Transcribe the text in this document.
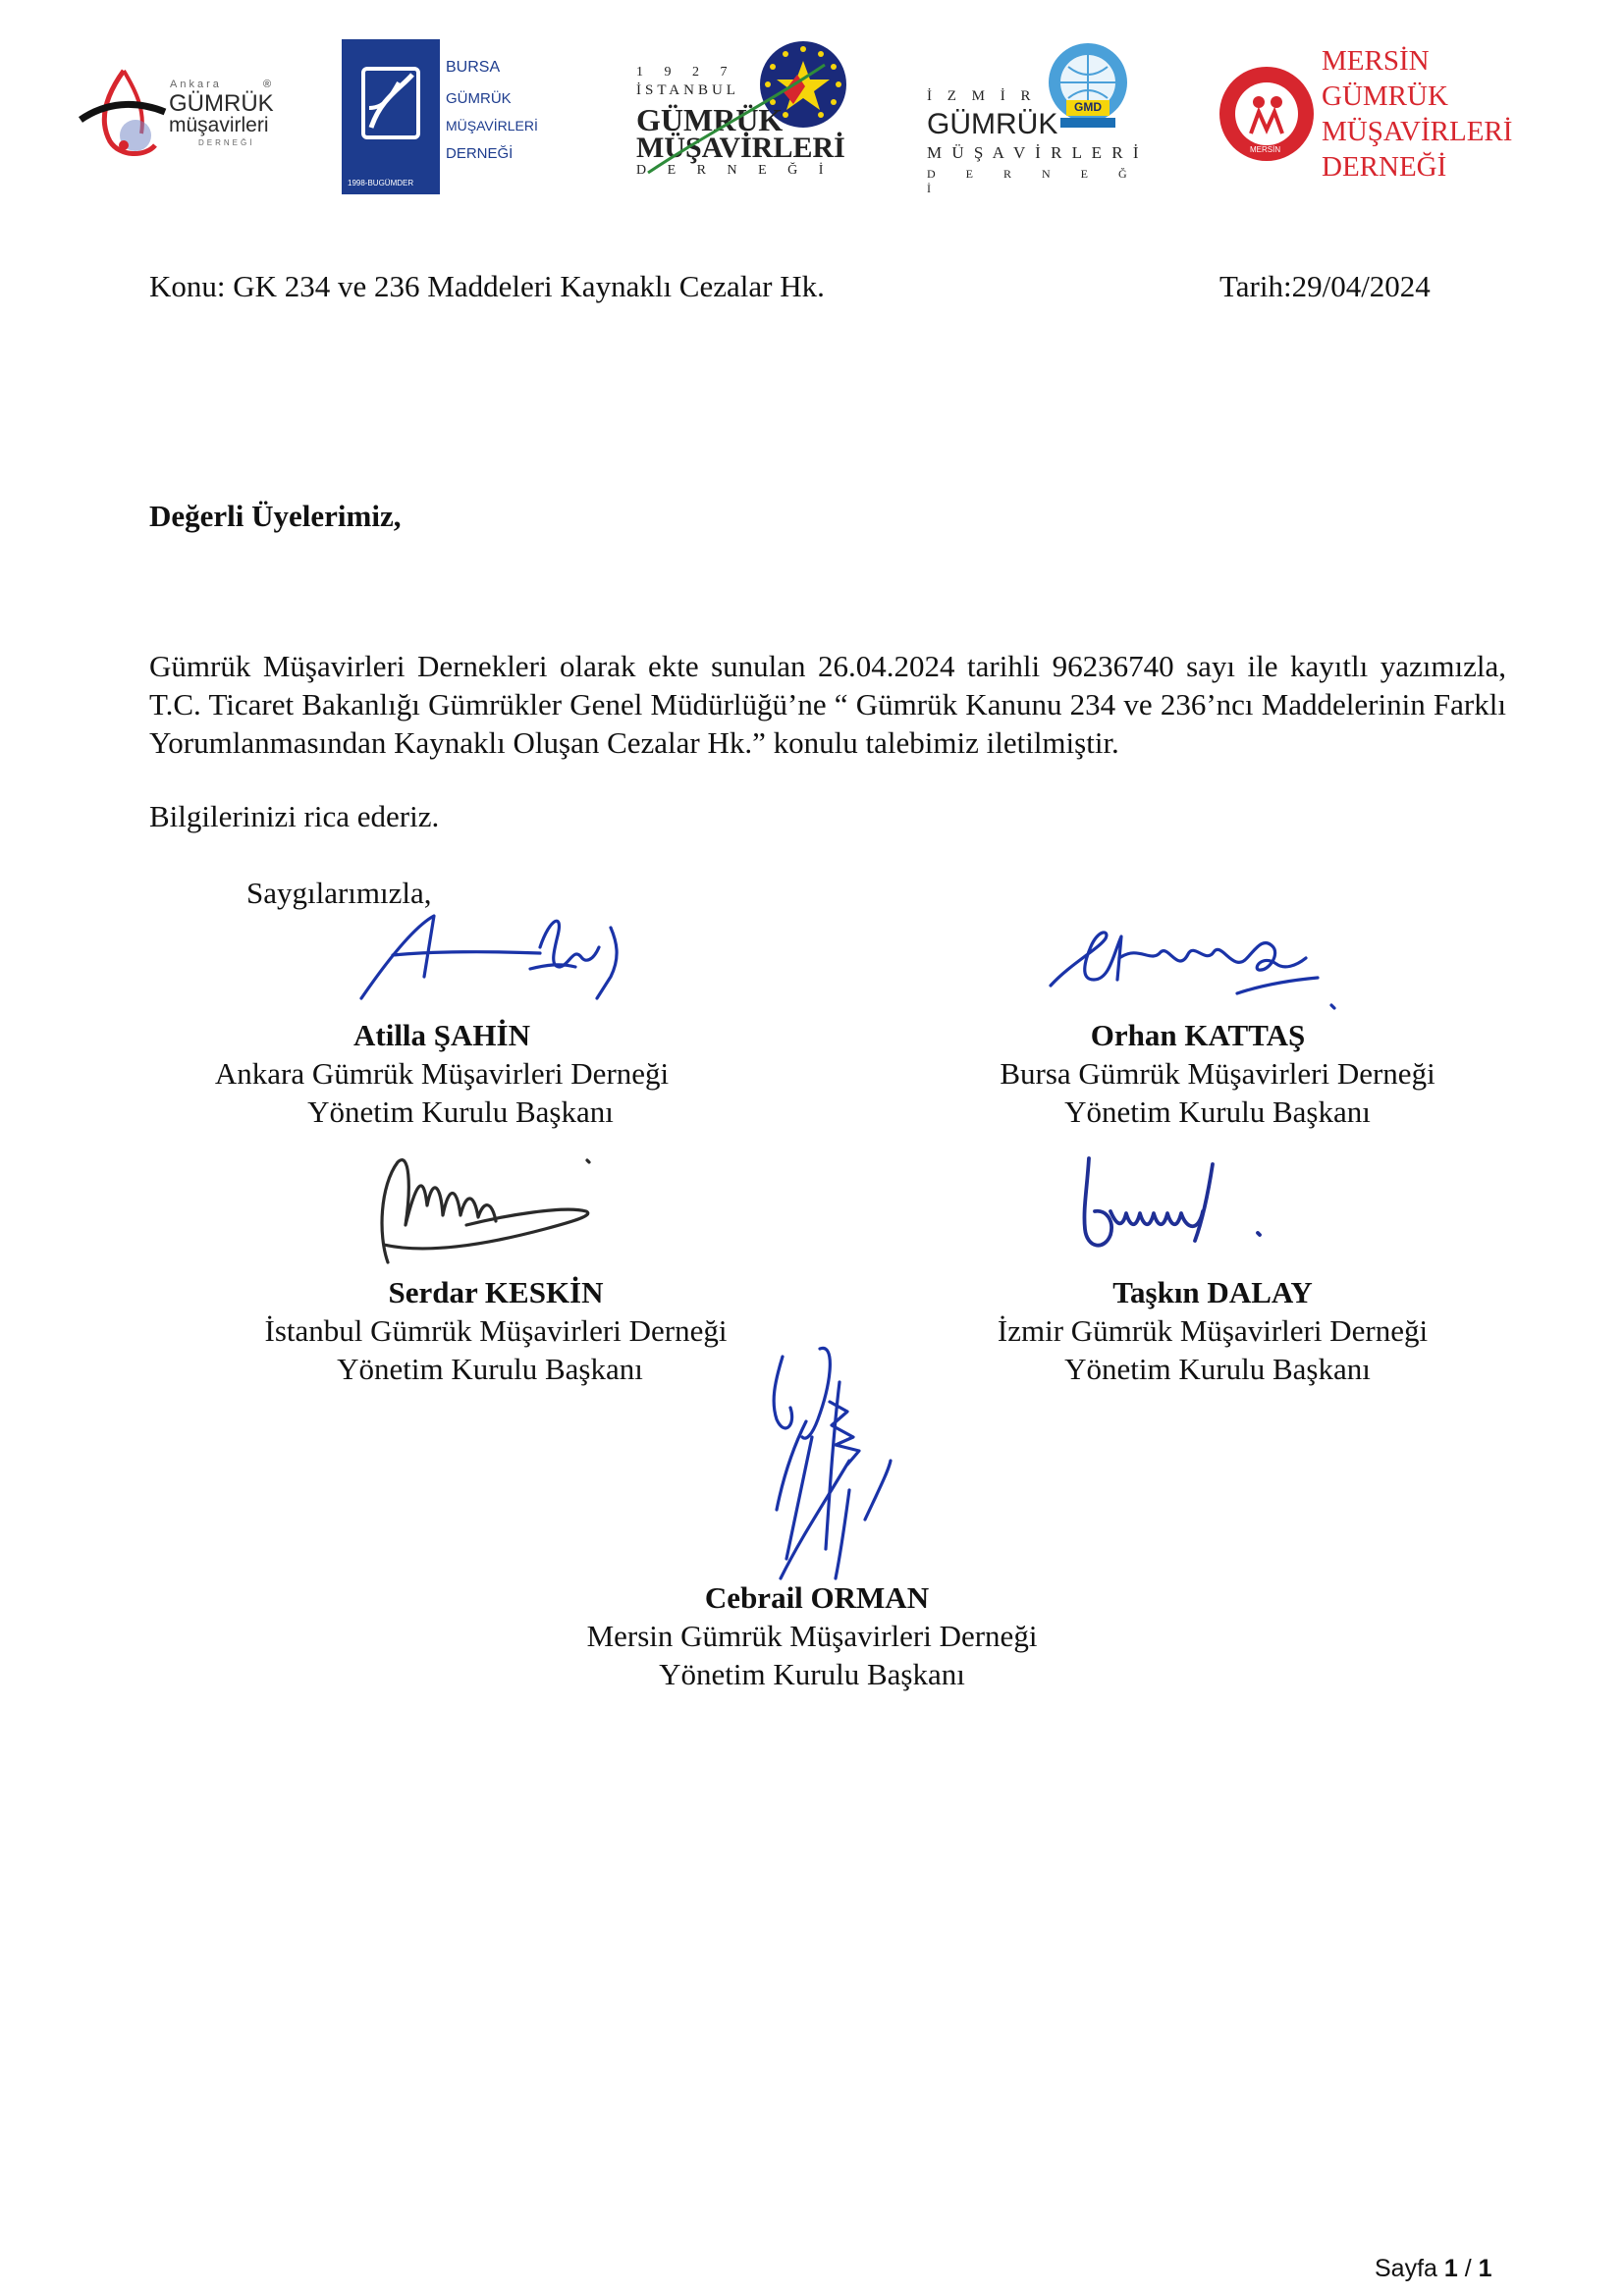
Ankara
GÜMRÜK
müşavirleri
DERNEĞİ
®
1998-BUGÜMDER
BURSA
GÜMRÜK
MÜŞAVİRLERİ
DERNEĞİ
1 9 2 7
İSTANBUL
GÜMRÜK
MÜŞAVİRLERİ
D E R N E Ğ İ
GMD
İ Z M İ R
GÜMRÜK
M Ü Ş A V İ R L E R İ
D E R N E Ğ İ
MERSİN
MERSİN
GÜMRÜK
MÜŞAVİRLERİ
DERNEĞİ
Konu: GK 234 ve 236 Maddeleri Kaynaklı Cezalar Hk.	Tarih:29/04/2024
Değerli Üyelerimiz,
Gümrük Müşavirleri Dernekleri olarak ekte sunulan 26.04.2024 tarihli 96236740 sayı ile kayıtlı yazımızla, T.C. Ticaret Bakanlığı Gümrükler Genel Müdürlüğü’ne “ Gümrük Kanunu 234 ve 236’ncı Maddelerinin Farklı Yorumlanmasından Kaynaklı Oluşan Cezalar Hk.” konulu talebimiz iletilmiştir.
Bilgilerinizi rica ederiz.
Saygılarımızla,
Atilla ŞAHİN
Ankara Gümrük Müşavirleri Derneği
Yönetim Kurulu Başkanı
Orhan KATTAŞ
Bursa Gümrük Müşavirleri Derneği
Yönetim Kurulu Başkanı
Serdar KESKİN
İstanbul Gümrük Müşavirleri Derneği
Yönetim Kurulu Başkanı
Taşkın DALAY
İzmir Gümrük Müşavirleri Derneği
Yönetim Kurulu Başkanı
Cebrail ORMAN
Mersin Gümrük Müşavirleri Derneği
Yönetim Kurulu Başkanı
Sayfa 1 / 1
